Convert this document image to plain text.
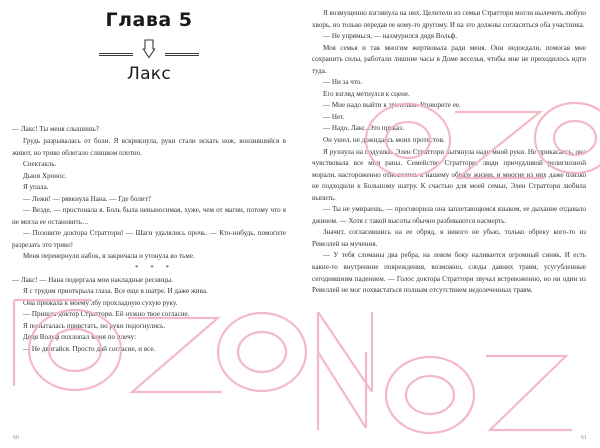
Глава 5
Лакс

— Лакс! Ты меня слышишь?

Грудь разрывалась от боли. Я вскрикнула, руки стали искать нож, вонзившийся в живот, но трико облегало слишком плотно.

Спектакль.

Дьюи Хронос.

Я упала.

— Лежи! — рявкнула Нана. — Где болит?

— Везде, — простонала я. Боль была невыносимая, хуже, чем от магии, потому что я не могла ее остановить…

— Позовите доктора Страттори! — Шаги удалялись прочь. — Кто-нибудь, помогите разрезать это трико!

Меня перевернули набок, я закричала и утонула во тьме.

* * *

— Лакс! — Нана подергала мои накладные ресницы.

Я с трудом приоткрыла глаза. Все еще в шатре. И даже жива.

Она прижала к моему лбу прохладную сухую руку.

— Пришла доктор Страттори. Ей нужно твое согласие.

Я попыталась привстать, но руки подогнулись.

Дядя Вольф похлопал меня по плечу:

— Не двигайся. Просто дай согласие, и все.

60

Я возмущенно взглянула на них. Целители из семьи Страттори могли вылечить любую хворь, но только передав ее кому-то другому. И на это должны согласиться оба участника.

— Не упрямься, — нахмурился дядя Вольф.

Моя семья и так многим жертвовала ради меня. Они недоедали, помогая мне сохранить силы, работали лишние часы в Доме веселья, чтобы мне не приходилось идти туда.

— Ни за что.

Его взгляд метнулся к сцене.

— Мне надо выйти к зрителям. Уговорите ее.

— Нет.

— Надо, Лакс. Это приказ.

Он ушел, не дожидаясь моих протестов.

Я рухнула на подушки. Элен Страттори вытянула надо мной руки. Не прикасаясь, она чувствовала все мои раны. Семейство Страттори, люди причудливой религиозной морали, настороженно относились к нашему образу жизни, и многие из них даже близко не подходили к Большому шатру. К счастью для моей семьи, Элен Страттори любила выпить.

— Ты не умираешь, — проговорила она заплетающимся языком, ее дыхание отдавало джином. — Хотя с такой высоты обычно разбиваются насмерть.

Значит, согласившись на ее обряд, я никого не убью, только обреку кого-то из Ревеллей на мучения.

— У тебя сломаны два ребра, на левом боку наливается огромный синяк. И есть какие-то внутренние повреждения, возможно, следы давних травм, усугубленные сегодняшним падением. — Голос доктора Страттори звучал встревоженно, но ни один из Ревеллей не мог похвастаться полным отсутствием недолеченных травм.

61
